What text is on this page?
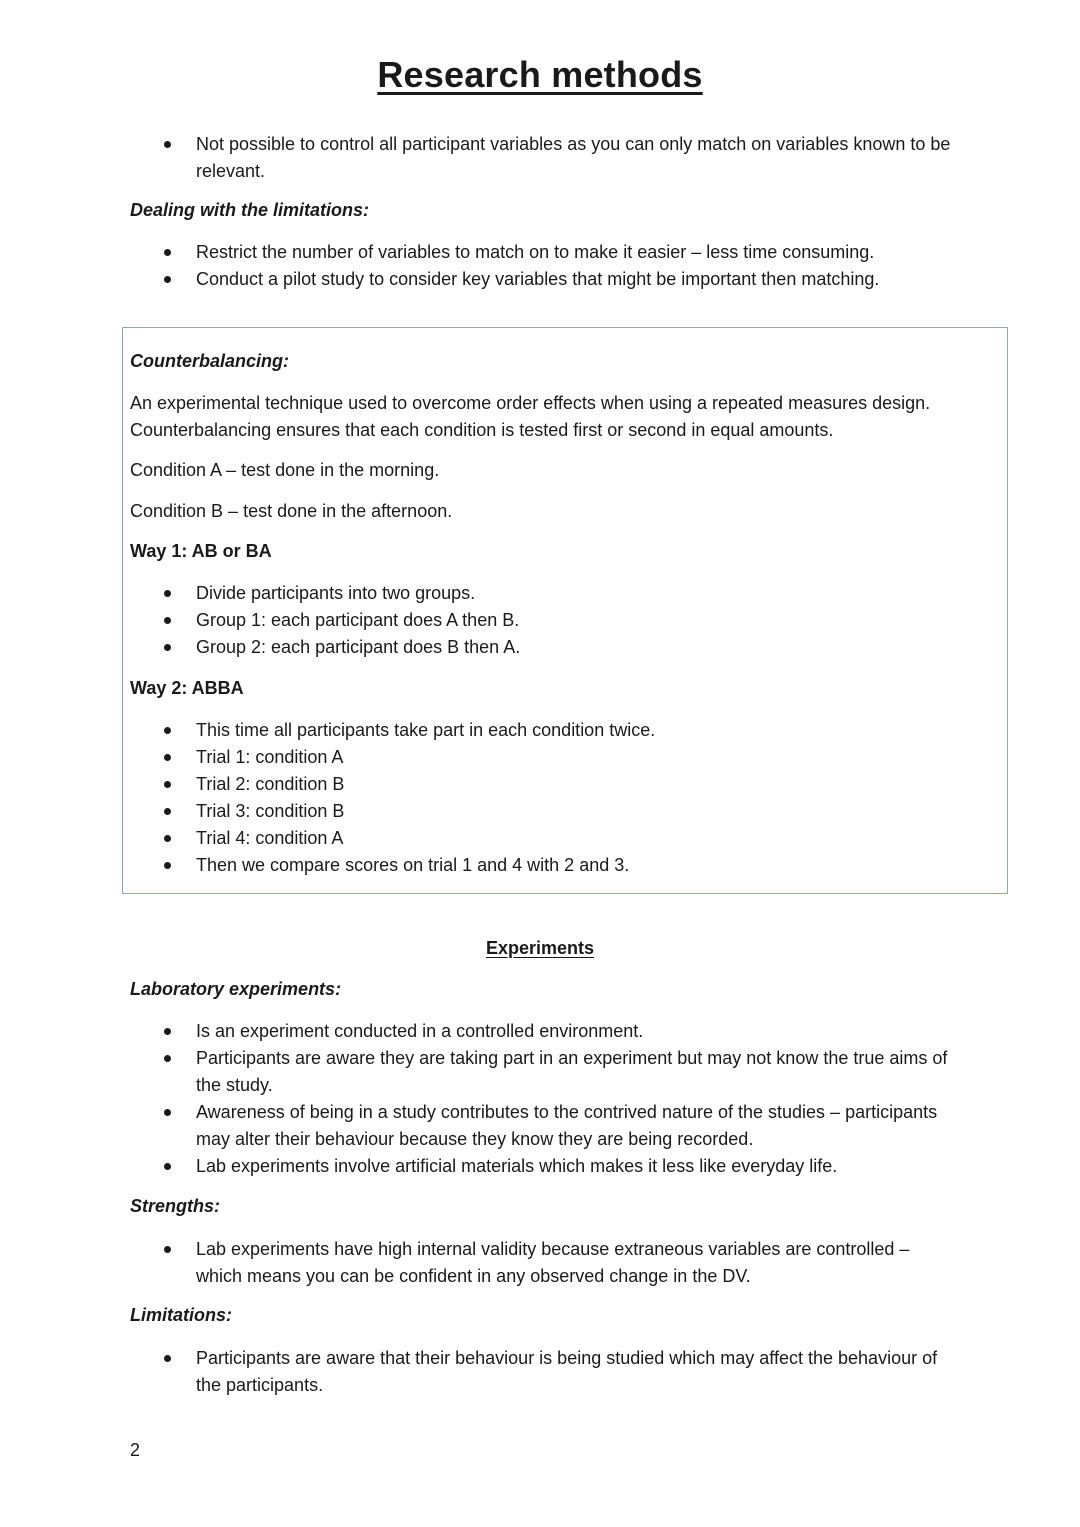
Research methods
Not possible to control all participant variables as you can only match on variables known to be relevant.
Dealing with the limitations:
Restrict the number of variables to match on to make it easier – less time consuming.
Conduct a pilot study to consider key variables that might be important then matching.
Counterbalancing:
An experimental technique used to overcome order effects when using a repeated measures design. Counterbalancing ensures that each condition is tested first or second in equal amounts.
Condition A – test done in the morning.
Condition B – test done in the afternoon.
Way 1: AB or BA
Divide participants into two groups.
Group 1: each participant does A then B.
Group 2: each participant does B then A.
Way 2: ABBA
This time all participants take part in each condition twice.
Trial 1: condition A
Trial 2: condition B
Trial 3: condition B
Trial 4: condition A
Then we compare scores on trial 1 and 4 with 2 and 3.
Experiments
Laboratory experiments:
Is an experiment conducted in a controlled environment.
Participants are aware they are taking part in an experiment but may not know the true aims of the study.
Awareness of being in a study contributes to the contrived nature of the studies – participants may alter their behaviour because they know they are being recorded.
Lab experiments involve artificial materials which makes it less like everyday life.
Strengths:
Lab experiments have high internal validity because extraneous variables are controlled – which means you can be confident in any observed change in the DV.
Limitations:
Participants are aware that their behaviour is being studied which may affect the behaviour of the participants.
2
